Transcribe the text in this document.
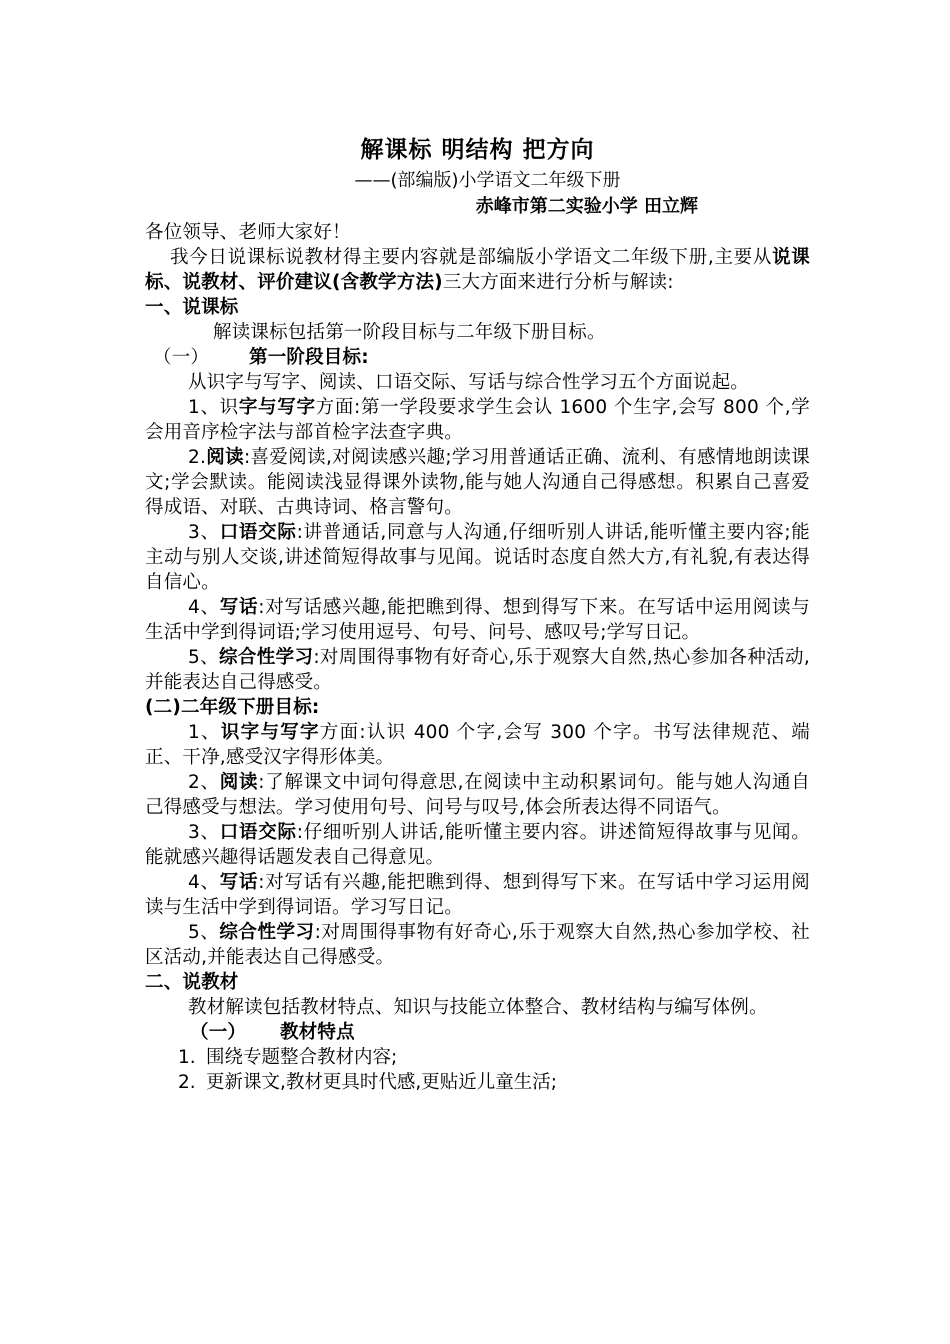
解课标 明结构 把方向
——(部编版)小学语文二年级下册
赤峰市第二实验小学 田立辉

各位领导、老师大家好！

我今日说课标说教材得主要内容就是部编版小学语文二年级下册,主要从说课标、说教材、评价建议(含教学方法)三大方面来进行分析与解读:

一、说课标

解读课标包括第一阶段目标与二年级下册目标。

（一） 第一阶段目标:

从识字与写字、阅读、口语交际、写话与综合性学习五个方面说起。

1、识字与写字方面:第一学段要求学生会认 1600 个生字,会写 800 个,学会用音序检字法与部首检字法查字典。

2.阅读:喜爱阅读,对阅读感兴趣;学习用普通话正确、流利、有感情地朗读课文;学会默读。能阅读浅显得课外读物,能与她人沟通自己得感想。积累自己喜爱得成语、对联、古典诗词、格言警句。

3、口语交际:讲普通话,同意与人沟通,仔细听别人讲话,能听懂主要内容;能主动与别人交谈,讲述简短得故事与见闻。说话时态度自然大方,有礼貌,有表达得自信心。

4、写话:对写话感兴趣,能把瞧到得、想到得写下来。在写话中运用阅读与生活中学到得词语;学习使用逗号、句号、问号、感叹号;学写日记。

5、综合性学习:对周围得事物有好奇心,乐于观察大自然,热心参加各种活动,并能表达自己得感受。

(二)二年级下册目标:

1、识字与写字方面:认识 400 个字,会写 300 个字。书写法律规范、端正、干净,感受汉字得形体美。

2、阅读:了解课文中词句得意思,在阅读中主动积累词句。能与她人沟通自己得感受与想法。学习使用句号、问号与叹号,体会所表达得不同语气。

3、口语交际:仔细听别人讲话,能听懂主要内容。讲述简短得故事与见闻。能就感兴趣得话题发表自己得意见。

4、写话:对写话有兴趣,能把瞧到得、想到得写下来。在写话中学习运用阅读与生活中学到得词语。学习写日记。

5、综合性学习:对周围得事物有好奇心,乐于观察大自然,热心参加学校、社区活动,并能表达自己得感受。

二、说教材

教材解读包括教材特点、知识与技能立体整合、教材结构与编写体例。

（一） 教材特点

1. 围绕专题整合教材内容;
2. 更新课文,教材更具时代感,更贴近儿童生活;
